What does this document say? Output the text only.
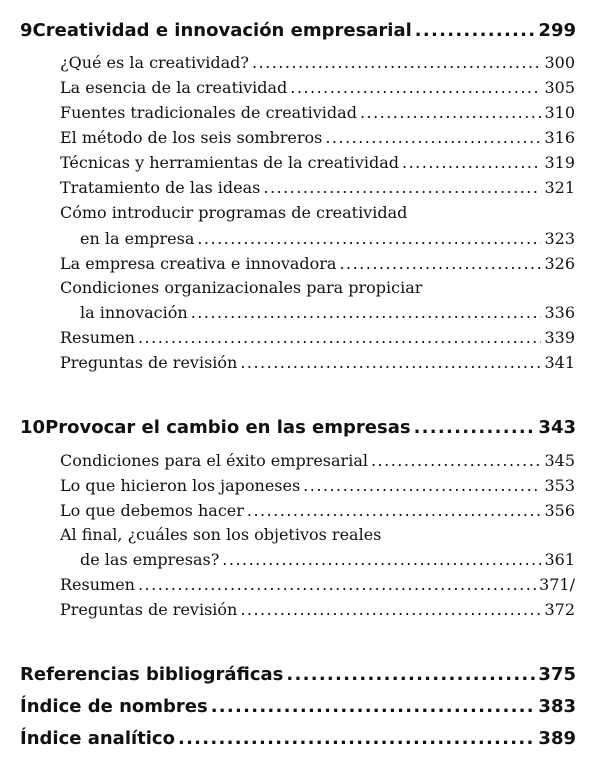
9 Creatividad e innovación empresarial . . .	299
¿Qué es la creatividad? . . .	300
La esencia de la creatividad . . .	305
Fuentes tradicionales de creatividad . . .	310
El método de los seis sombreros . . .	316
Técnicas y herramientas de la creatividad . . .	319
Tratamiento de las ideas . . .	321
Cómo introducir programas de creatividad
en la empresa . . .	323
La empresa creativa e innovadora . . .	326
Condiciones organizacionales para propiciar
la innovación . . .	336
Resumen . . .	339
Preguntas de revisión . . .	341
10 Provocar el cambio en las empresas . . .	343
Condiciones para el éxito empresarial . . .	345
Lo que hicieron los japoneses . . .	353
Lo que debemos hacer . . .	356
Al final, ¿cuáles son los objetivos reales
de las empresas? . . .	361
Resumen . . .	371/
Preguntas de revisión . . .	372
Referencias bibliográficas . . .	375
Índice de nombres . . .	383
Índice analítico . . .	389
